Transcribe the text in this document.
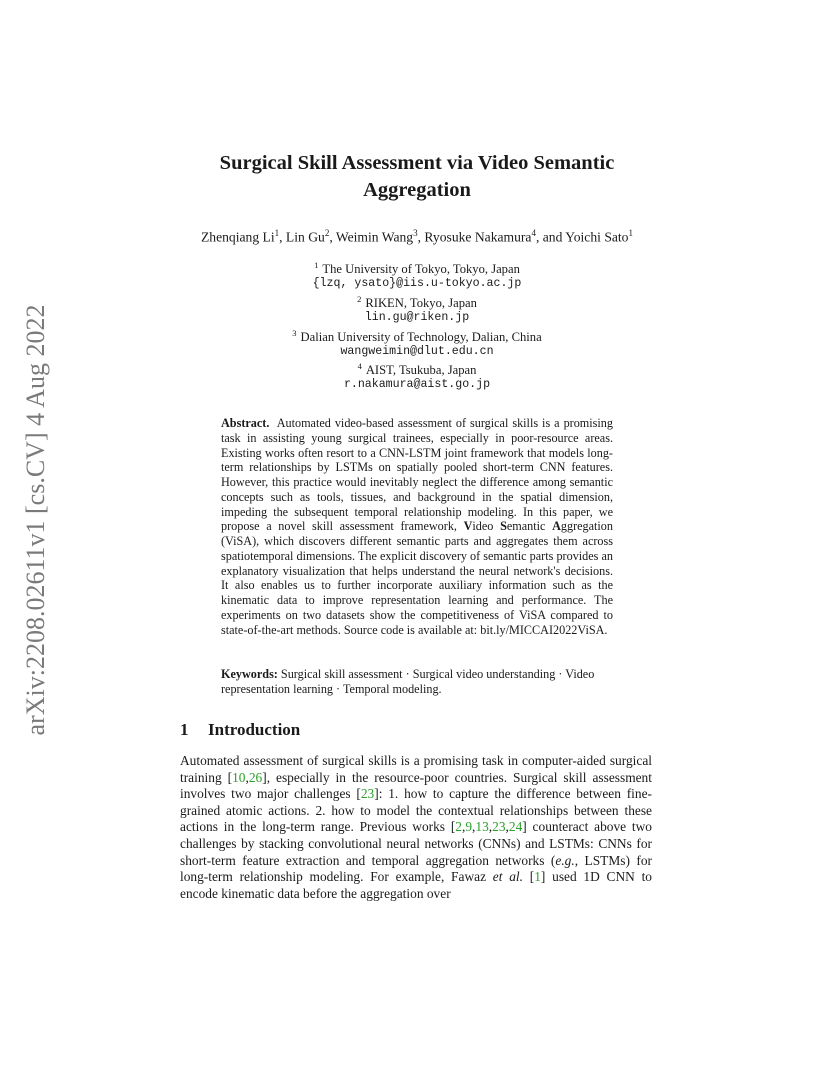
arXiv:2208.02611v1 [cs.CV] 4 Aug 2022
Surgical Skill Assessment via Video Semantic Aggregation
Zhenqiang Li$^1$, Lin Gu$^2$, Weimin Wang$^3$, Ryosuke Nakamura$^4$, and Yoichi Sato$^1$
$^1$ The University of Tokyo, Tokyo, Japan
{lzq, ysato}@iis.u-tokyo.ac.jp
$^2$ RIKEN, Tokyo, Japan
lin.gu@riken.jp
$^3$ Dalian University of Technology, Dalian, China
wangweimin@dlut.edu.cn
$^4$ AIST, Tsukuba, Japan
r.nakamura@aist.go.jp

Abstract. Automated video-based assessment of surgical skills is a promising task in assisting young surgical trainees, especially in poor-resource areas. Existing works often resort to a CNN-LSTM joint framework that models long-term relationships by LSTMs on spatially pooled short-term CNN features. However, this practice would inevitably neglect the difference among semantic concepts such as tools, tissues, and background in the spatial dimension, impeding the subsequent temporal relationship modeling. In this paper, we propose a novel skill assessment framework, Video Semantic Aggregation (ViSA), which discovers different semantic parts and aggregates them across spatiotemporal dimensions. The explicit discovery of semantic parts provides an explanatory visualization that helps understand the neural network's decisions. It also enables us to further incorporate auxiliary information such as the kinematic data to improve representation learning and performance. The experiments on two datasets show the competitiveness of ViSA compared to state-of-the-art methods. Source code is available at: bit.ly/MICCAI2022ViSA.

Keywords: Surgical skill assessment · Surgical video understanding · Video representation learning · Temporal modeling.
1 Introduction

Automated assessment of surgical skills is a promising task in computer-aided surgical training [10,26], especially in the resource-poor countries. Surgical skill assessment involves two major challenges [23]: 1. how to capture the difference between fine-grained atomic actions. 2. how to model the contextual relationships between these actions in the long-term range. Previous works [2,9,13,23,24] counteract above two challenges by stacking convolutional neural networks (CNNs) and LSTMs: CNNs for short-term feature extraction and temporal aggregation networks (e.g., LSTMs) for long-term relationship modeling. For example, Fawaz et al. [1] used 1D CNN to encode kinematic data before the aggregation over
